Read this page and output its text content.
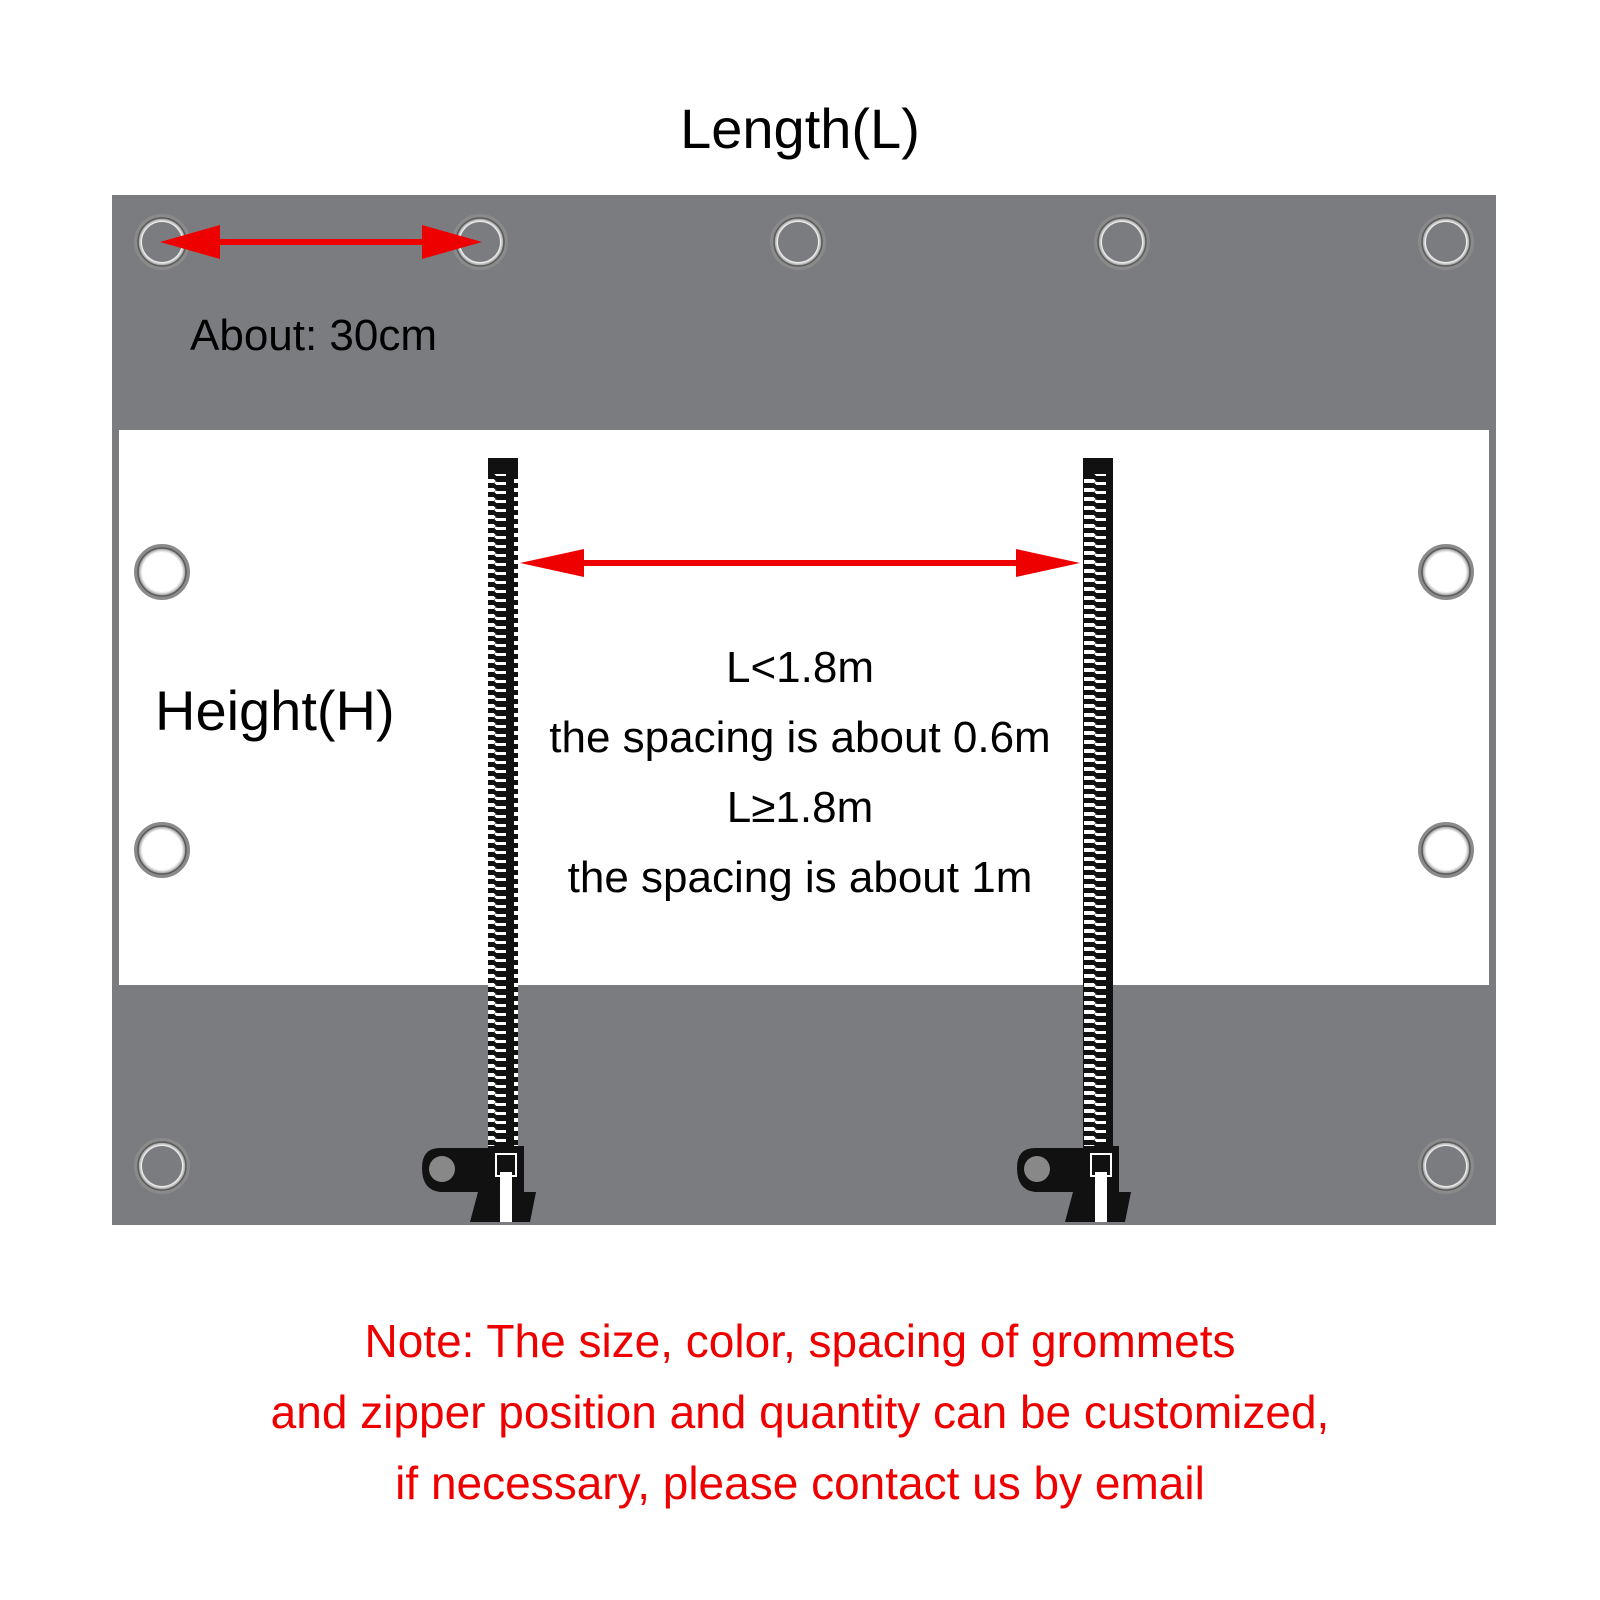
Length(L)
About: 30cm
Height(H)
L<1.8m
the spacing is about 0.6m
L≥1.8m
the spacing is about 1m
Note: The size, color, spacing of grommets
and zipper position and quantity can be customized,
if necessary, please contact us by email
